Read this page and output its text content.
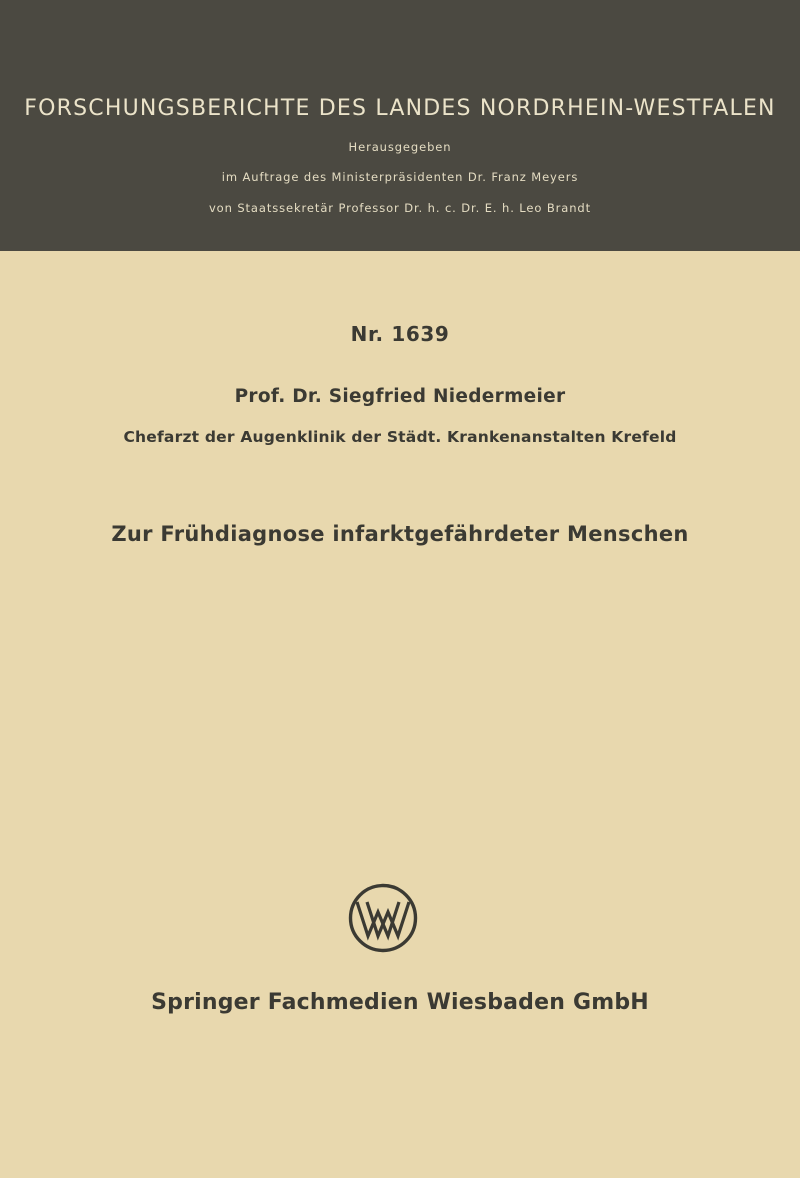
FORSCHUNGSBERICHTE DES LANDES NORDRHEIN-WESTFALEN
Herausgegeben
im Auftrage des Ministerpräsidenten Dr. Franz Meyers
von Staatssekretär Professor Dr. h. c. Dr. E. h. Leo Brandt
Nr. 1639
Prof. Dr. Siegfried Niedermeier
Chefarzt der Augenklinik der Städt. Krankenanstalten Krefeld
Zur Frühdiagnose infarktgefährdeter Menschen
Springer Fachmedien Wiesbaden GmbH
